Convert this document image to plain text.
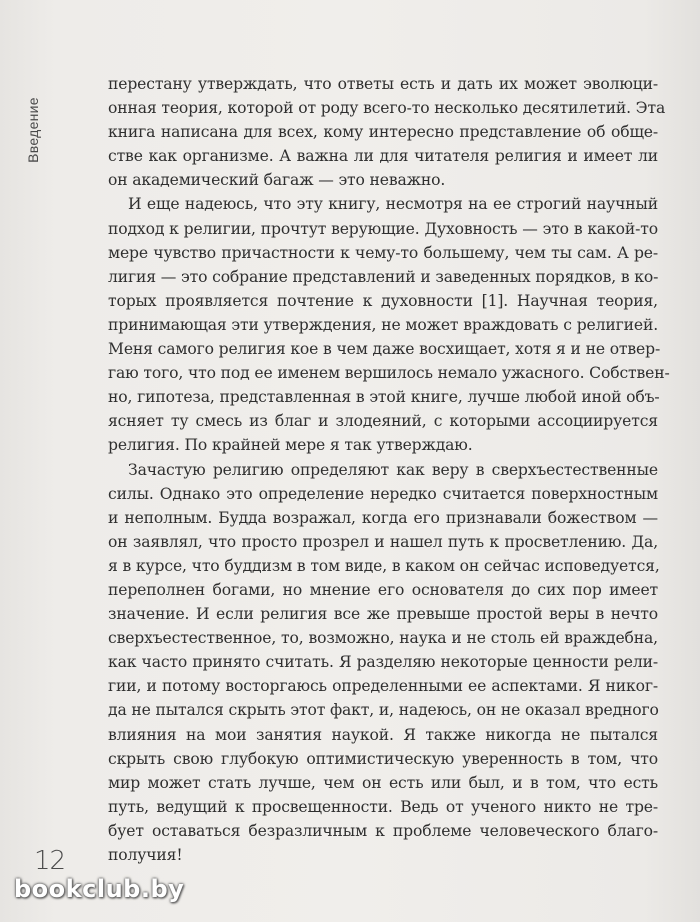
Введение
перестану утверждать, что ответы есть и дать их может эволюци-
онная теория, которой от роду всего-то несколько десятилетий. Эта
книга написана для всех, кому интересно представление об обще-
стве как организме. А важна ли для читателя религия и имеет ли
он академический багаж — это неважно.
И еще надеюсь, что эту книгу, несмотря на ее строгий научный
подход к религии, прочтут верующие. Духовность — это в какой-то
мере чувство причастности к чему-то большему, чем ты сам. А ре-
лигия — это собрание представлений и заведенных порядков, в ко-
торых проявляется почтение к духовности [1]. Научная теория,
принимающая эти утверждения, не может враждовать с религией.
Меня самого религия кое в чем даже восхищает, хотя я и не отвер-
гаю того, что под ее именем вершилось немало ужасного. Собствен-
но, гипотеза, представленная в этой книге, лучше любой иной объ-
ясняет ту смесь из благ и злодеяний, с которыми ассоциируется
религия. По крайней мере я так утверждаю.
Зачастую религию определяют как веру в сверхъестественные
силы. Однако это определение нередко считается поверхностным
и неполным. Будда возражал, когда его признавали божеством —
он заявлял, что просто прозрел и нашел путь к просветлению. Да,
я в курсе, что буддизм в том виде, в каком он сейчас исповедуется,
переполнен богами, но мнение его основателя до сих пор имеет
значение. И если религия все же превыше простой веры в нечто
сверхъестественное, то, возможно, наука и не столь ей враждебна,
как часто принято считать. Я разделяю некоторые ценности рели-
гии, и потому восторгаюсь определенными ее аспектами. Я никог-
да не пытался скрыть этот факт, и, надеюсь, он не оказал вредного
влияния на мои занятия наукой. Я также никогда не пытался
скрыть свою глубокую оптимистическую уверенность в том, что
мир может стать лучше, чем он есть или был, и в том, что есть
путь, ведущий к просвещенности. Ведь от ученого никто не тре-
бует оставаться безразличным к проблеме человеческого благо-
получия!
12
bookclub.by
